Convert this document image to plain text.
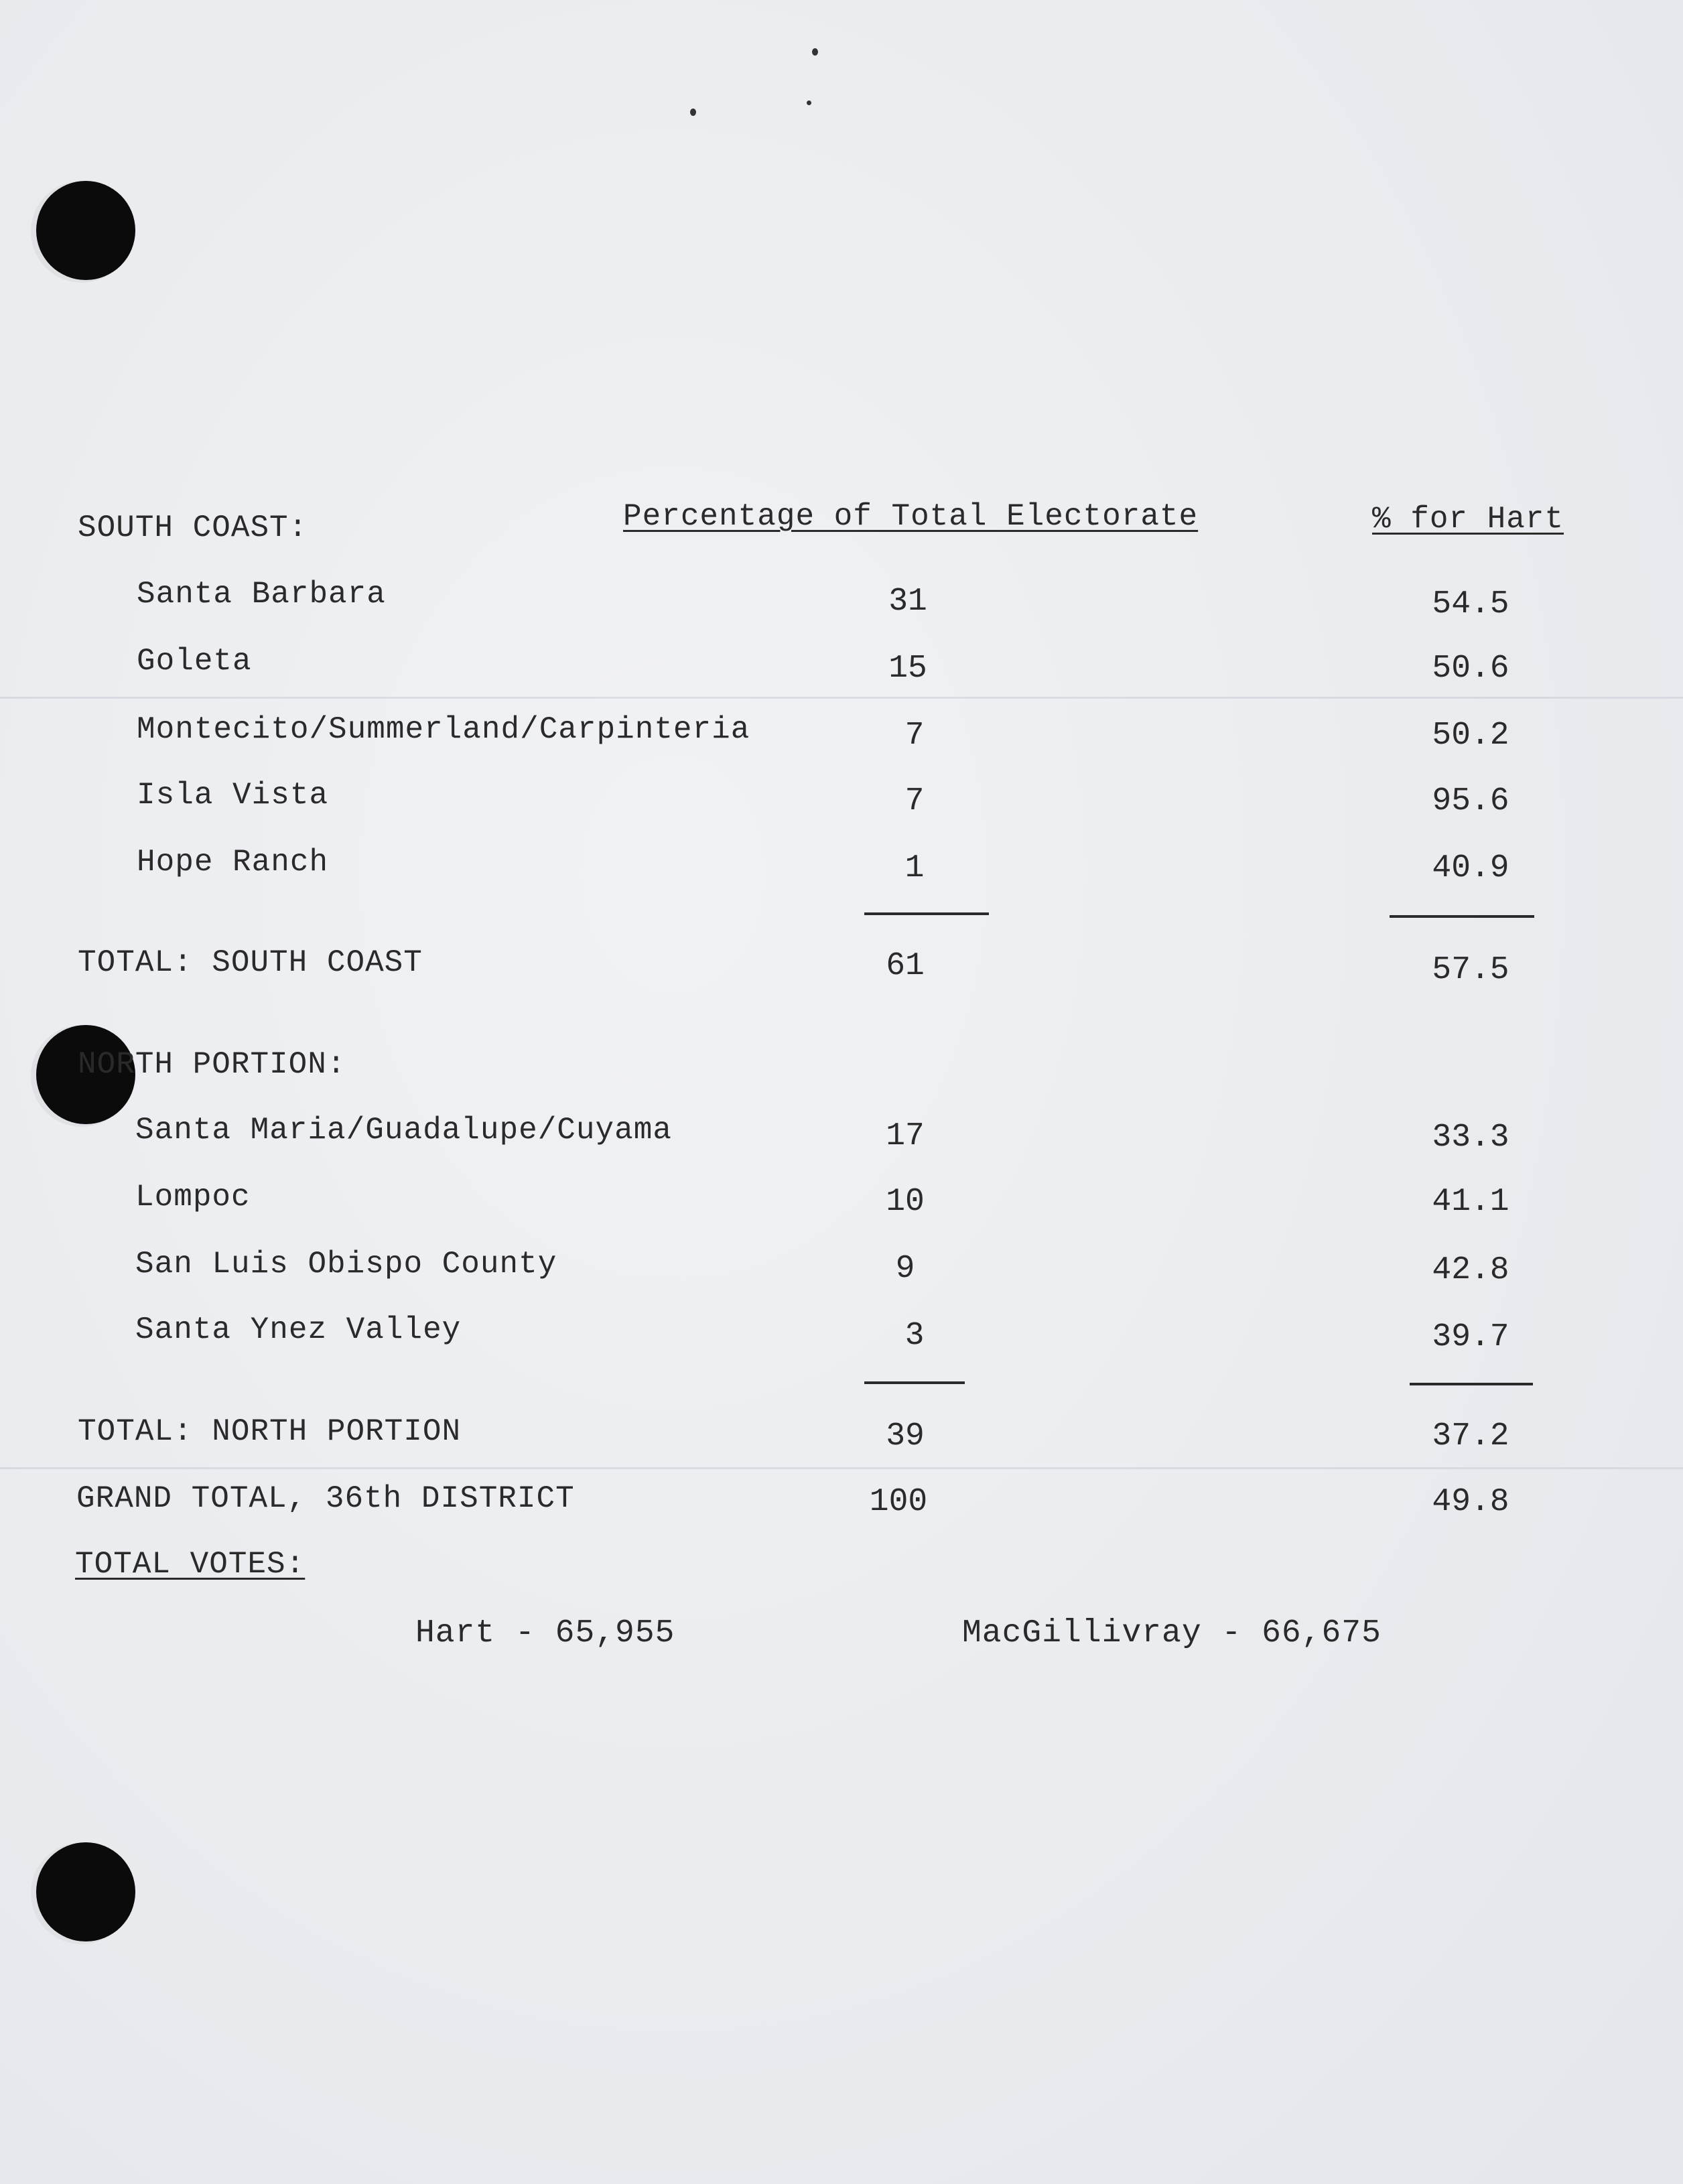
SOUTH COAST:	Percentage of Total Electorate	% for Hart
Santa Barbara	31	54.5
Goleta	15	50.6
Montecito/Summerland/Carpinteria	7	50.2
Isla Vista	7	95.6
Hope Ranch	1	40.9
TOTAL: SOUTH COAST	61	57.5
NORTH PORTION:
Santa Maria/Guadalupe/Cuyama	17	33.3
Lompoc	10	41.1
San Luis Obispo County	9	42.8
Santa Ynez Valley	3	39.7
TOTAL: NORTH PORTION	39	37.2
GRAND TOTAL, 36th DISTRICT	100	49.8
TOTAL VOTES:
Hart - 65,955	MacGillivray - 66,675
